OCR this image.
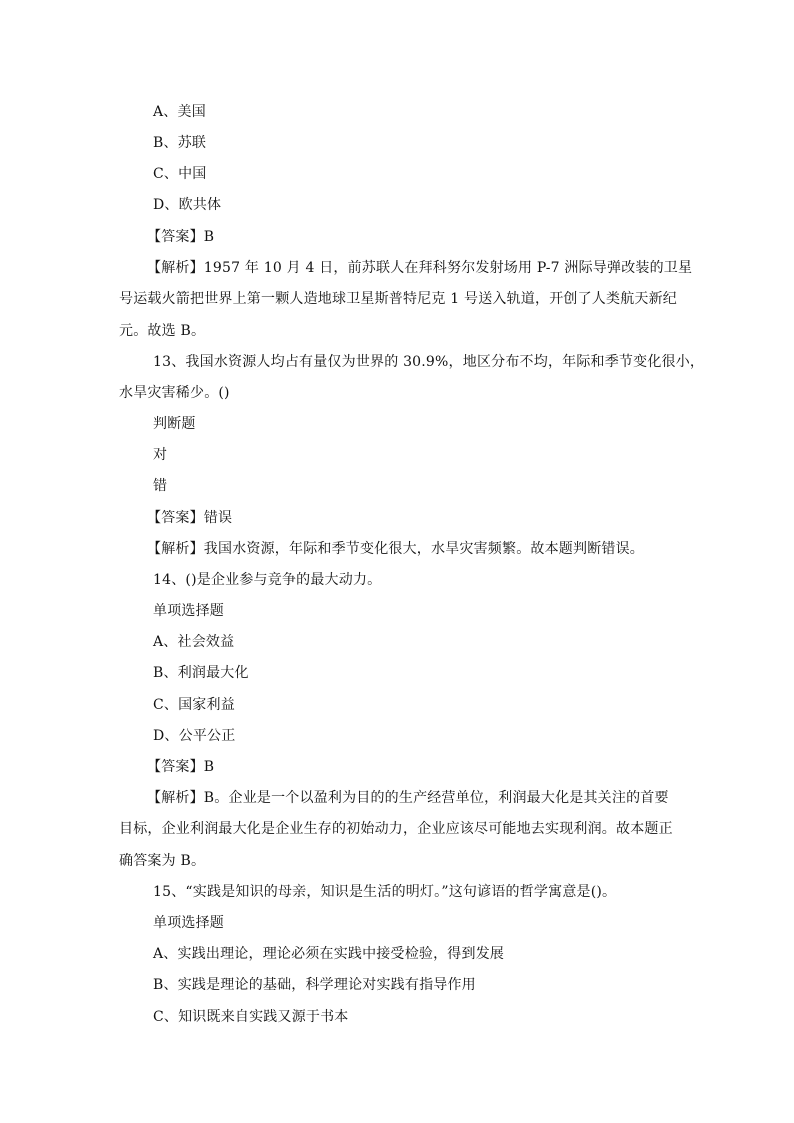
A、美国
B、苏联
C、中国
D、欧共体
【答案】B
【解析】1957 年 10 月 4 日，前苏联人在拜科努尔发射场用 P-7 洲际导弹改装的卫星
号运载火箭把世界上第一颗人造地球卫星斯普特尼克 1 号送入轨道，开创了人类航天新纪
元。故选 B。
13、我国水资源人均占有量仅为世界的 30.9%，地区分布不均，年际和季节变化很小，
水旱灾害稀少。()
判断题
对
错
【答案】错误
【解析】我国水资源，年际和季节变化很大，水旱灾害频繁。故本题判断错误。
14、()是企业参与竞争的最大动力。
单项选择题
A、社会效益
B、利润最大化
C、国家利益
D、公平公正
【答案】B
【解析】B。企业是一个以盈利为目的的生产经营单位，利润最大化是其关注的首要
目标，企业利润最大化是企业生存的初始动力，企业应该尽可能地去实现利润。故本题正
确答案为 B。
15、“实践是知识的母亲，知识是生活的明灯。”这句谚语的哲学寓意是()。
单项选择题
A、实践出理论，理论必须在实践中接受检验，得到发展
B、实践是理论的基础，科学理论对实践有指导作用
C、知识既来自实践又源于书本
